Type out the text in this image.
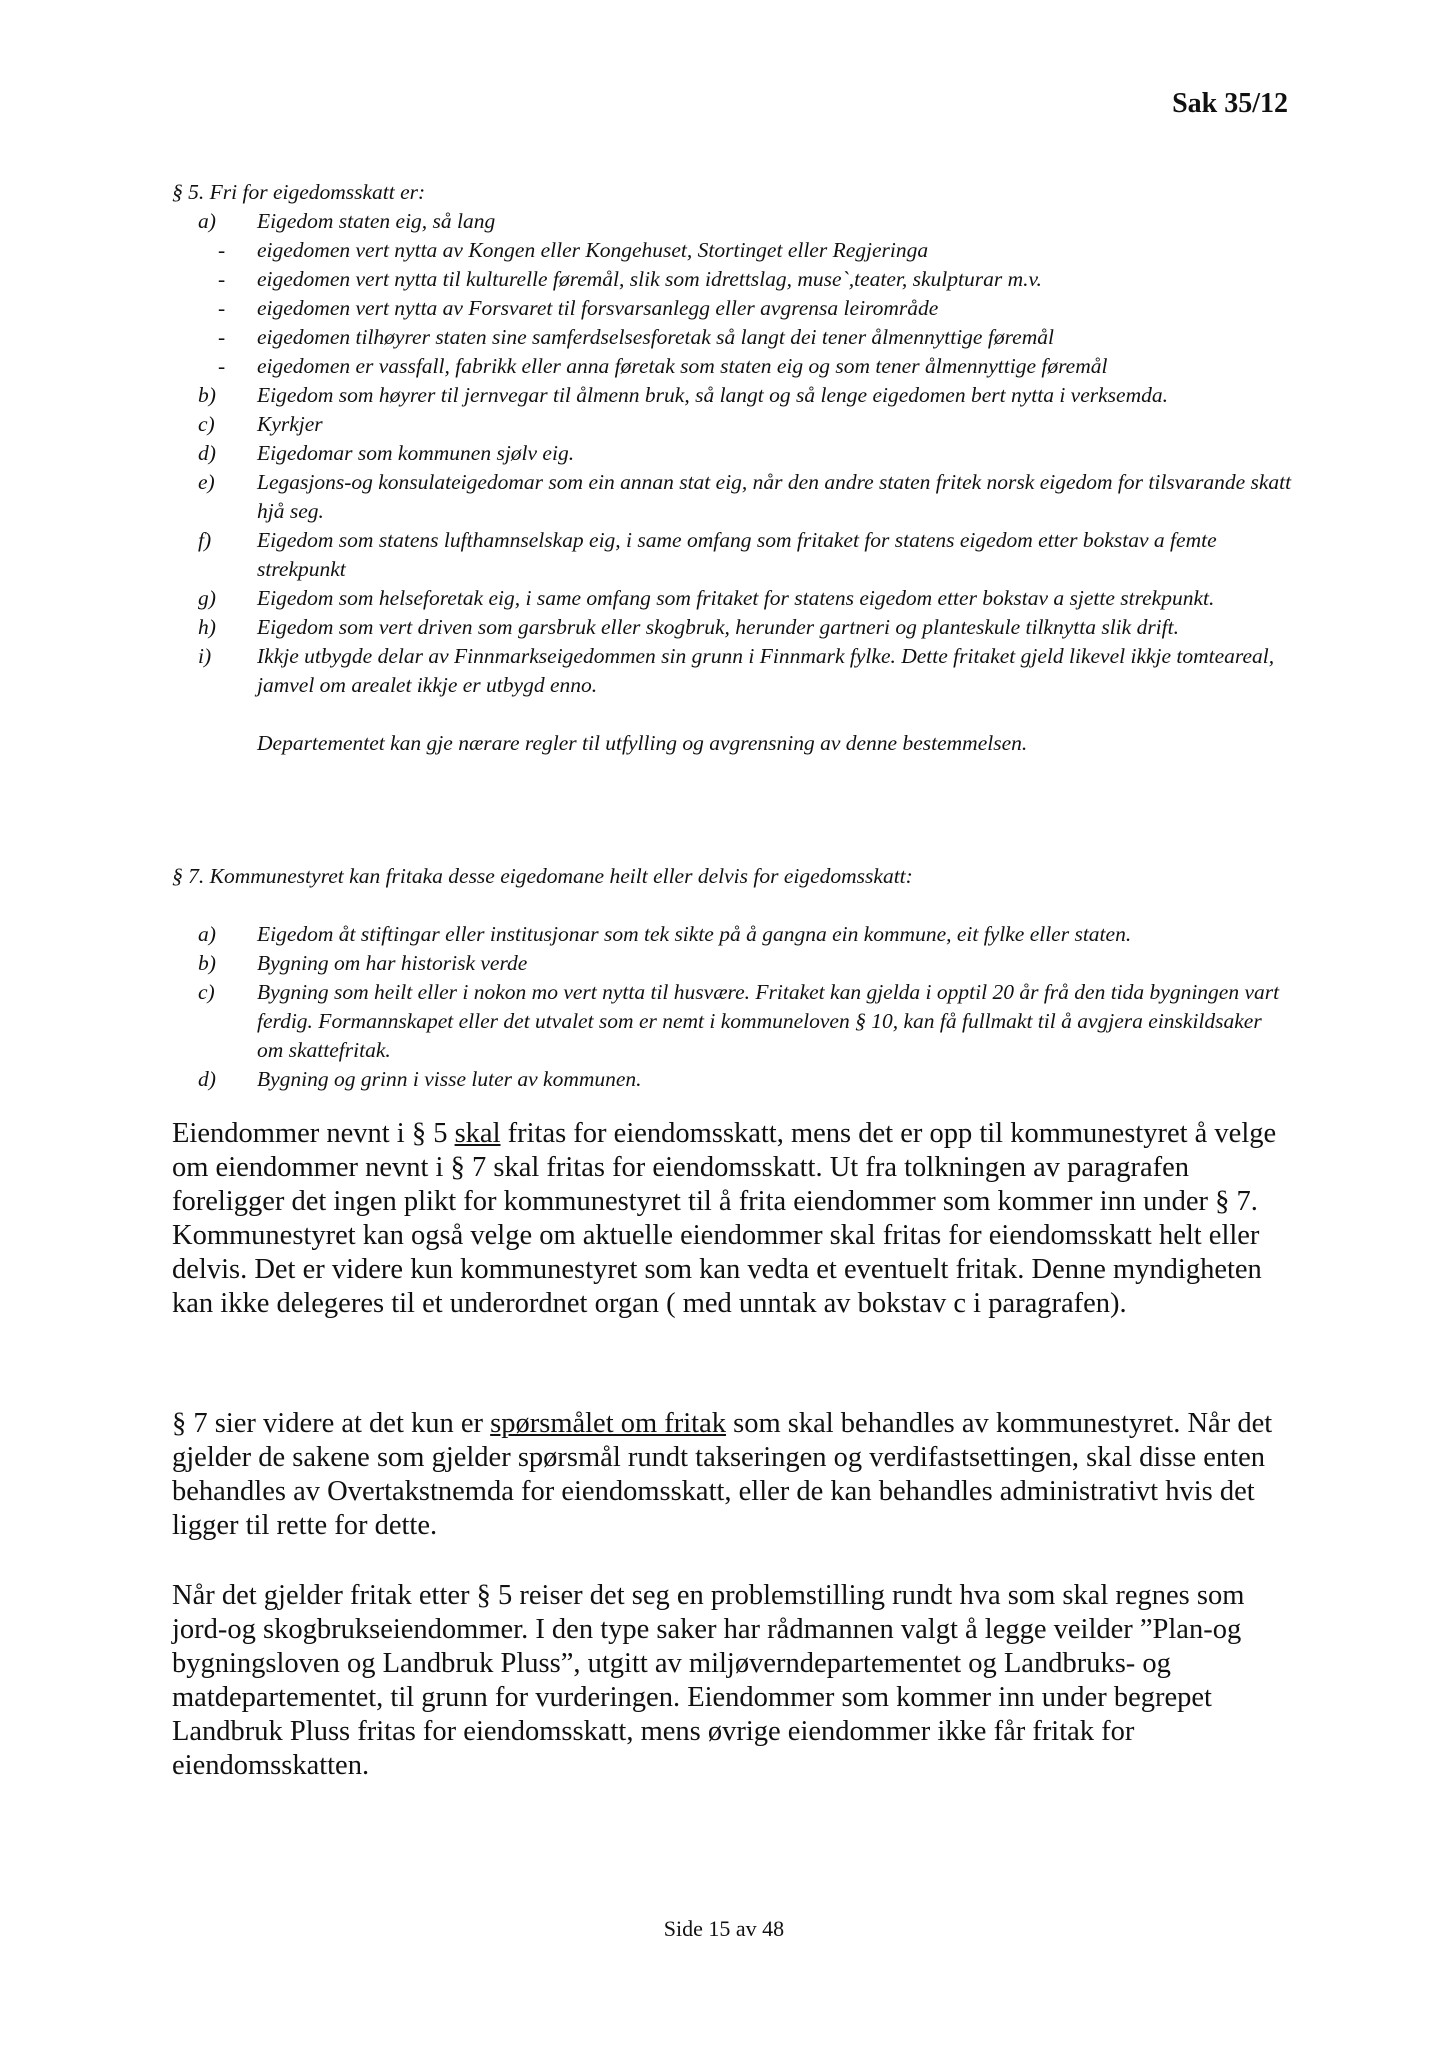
Sak 35/12

§ 5. Fri for eigedomsskatt er:

a) Eigedom staten eig, så lang
- eigedomen vert nytta av Kongen eller Kongehuset, Stortinget eller Regjeringa
- eigedomen vert nytta til kulturelle føremål, slik som idrettslag, muse`,teater, skulpturar m.v.
- eigedomen vert nytta av Forsvaret til forsvarsanlegg eller avgrensa leirområde
- eigedomen tilhøyrer staten sine samferdselsesforetak så langt dei tener ålmennyttige føremål
- eigedomen er vassfall, fabrikk eller anna føretak som staten eig og som tener ålmennyttige føremål
b) Eigedom som høyrer til jernvegar til ålmenn bruk, så langt og så lenge eigedomen bert nytta i verksemda.
c) Kyrkjer
d) Eigedomar som kommunen sjølv eig.
e) Legasjons-og konsulateigedomar som ein annan stat eig, når den andre staten fritek norsk eigedom for tilsvarande skatt hjå seg.
f) Eigedom som statens lufthamnselskap eig, i same omfang som fritaket for statens eigedom etter bokstav a femte strekpunkt
g) Eigedom som helseforetak eig, i same omfang som fritaket for statens eigedom etter bokstav a sjette strekpunkt.
h) Eigedom som vert driven som garsbruk eller skogbruk, herunder gartneri og planteskule tilknytta slik drift.
i) Ikkje utbygde delar av Finnmarkseigedommen sin grunn i Finnmark fylke. Dette fritaket gjeld likevel ikkje tomteareal, jamvel om arealet ikkje er utbygd enno.

Departementet kan gje nærare regler til utfylling og avgrensning av denne bestemmelsen.

§ 7. Kommunestyret kan fritaka desse eigedomane heilt eller delvis for eigedomsskatt:

a) Eigedom åt stiftingar eller institusjonar som tek sikte på å gangna ein kommune, eit fylke eller staten.
b) Bygning om har historisk verde
c) Bygning som heilt eller i nokon mo vert nytta til husvære. Fritaket kan gjelda i opptil 20 år frå den tida bygningen vart ferdig. Formannskapet eller det utvalet som er nemt i kommuneloven § 10, kan få fullmakt til å avgjera einskildsaker om skattefritak.
d) Bygning og grinn i visse luter av kommunen.

Eiendommer nevnt i § 5 skal fritas for eiendomsskatt, mens det er opp til kommunestyret å velge om eiendommer nevnt i § 7 skal fritas for eiendomsskatt. Ut fra tolkningen av paragrafen foreligger det ingen plikt for kommunestyret til å frita eiendommer som kommer inn under § 7. Kommunestyret kan også velge om aktuelle eiendommer skal fritas for eiendomsskatt helt eller delvis. Det er videre kun kommunestyret som kan vedta et eventuelt fritak. Denne myndigheten kan ikke delegeres til et underordnet organ ( med unntak av bokstav c i paragrafen).

§ 7 sier videre at det kun er spørsmålet om fritak som skal behandles av kommunestyret. Når det gjelder de sakene som gjelder spørsmål rundt takseringen og verdifastsettingen, skal disse enten behandles av Overtakstnemda for eiendomsskatt, eller de kan behandles administrativt hvis det ligger til rette for dette.

Når det gjelder fritak etter § 5 reiser det seg en problemstilling rundt hva som skal regnes som jord-og skogbrukseiendommer. I den type saker har rådmannen valgt å legge veilder ”Plan-og bygningsloven og Landbruk Pluss”, utgitt av miljøverndepartementet og Landbruks- og matdepartementet, til grunn for vurderingen. Eiendommer som kommer inn under begrepet Landbruk Pluss fritas for eiendomsskatt, mens øvrige eiendommer ikke får fritak for eiendomsskatten.

Side 15 av 48
